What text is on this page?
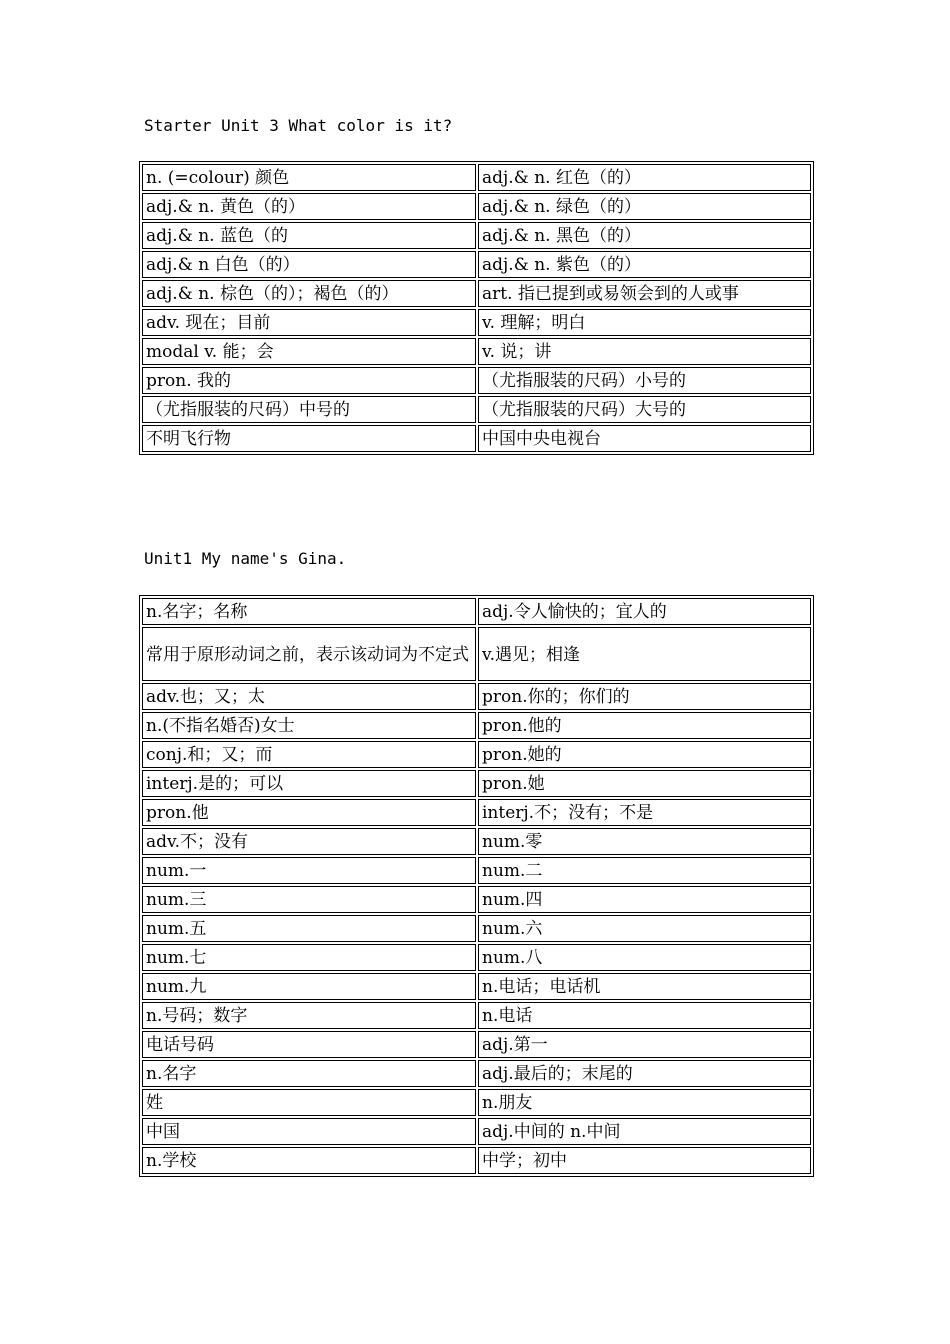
Starter Unit 3 What color is it?
n. (=colour) 颜色	adj.& n. 红色（的）
adj.& n. 黄色（的）	adj.& n. 绿色（的）
adj.& n. 蓝色（的	adj.& n. 黑色（的）
adj.& n 白色（的）	adj.& n. 紫色（的）
adj.& n. 棕色（的）；褐色（的）	art. 指已提到或易领会到的人或事
adv. 现在；目前	v. 理解；明白
modal v. 能；会	v. 说；讲
pron. 我的	（尤指服装的尺码）小号的
（尤指服装的尺码）中号的	（尤指服装的尺码）大号的
不明飞行物	中国中央电视台
Unit1 My name's Gina.
n.名字；名称	adj.令人愉快的；宜人的
常用于原形动词之前，表示该动词为不定式	v.遇见；相逢
adv.也；又；太	pron.你的；你们的
n.(不指名婚否)女士	pron.他的
conj.和；又；而	pron.她的
interj.是的；可以	pron.她
pron.他	interj.不；没有；不是
adv.不；没有	num.零
num.一	num.二
num.三	num.四
num.五	num.六
num.七	num.八
num.九	n.电话；电话机
n.号码；数字	n.电话
电话号码	adj.第一
n.名字	adj.最后的；末尾的
姓	n.朋友
中国	adj.中间的 n.中间
n.学校	中学；初中
